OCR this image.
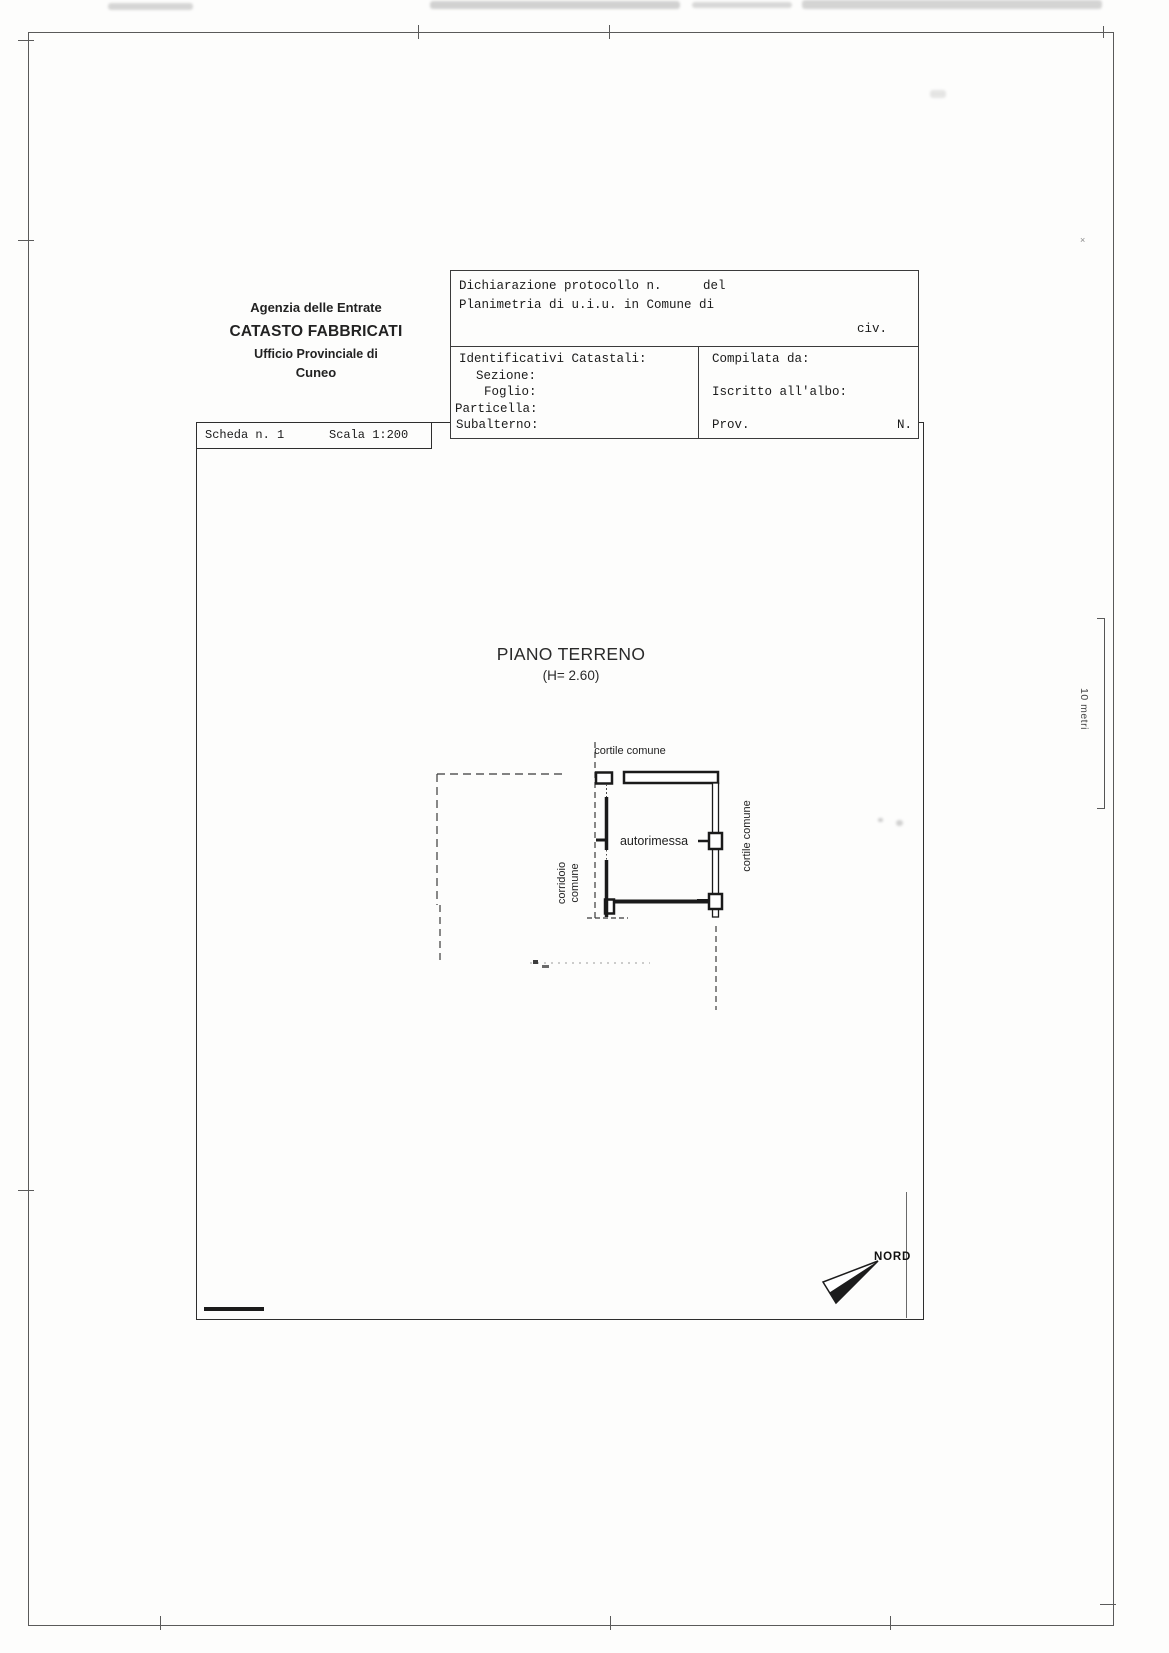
×
10 metri
Agenzia delle Entrate
CATASTO FABBRICATI
Ufficio Provinciale di
Cuneo
Dichiarazione protocollo n.	del
Planimetria di u.i.u. in Comune di
civ.
Identificativi Catastali:
Sezione:
Foglio:
Particella:
Subalterno:
Compilata da:
Iscritto all'albo:
Prov.	N.
Scheda n. 1	Scala 1:200
PIANO TERRENO
(H= 2.60)
cortile comune
autorimessa	cortile comune
corridoio comune
NORD
